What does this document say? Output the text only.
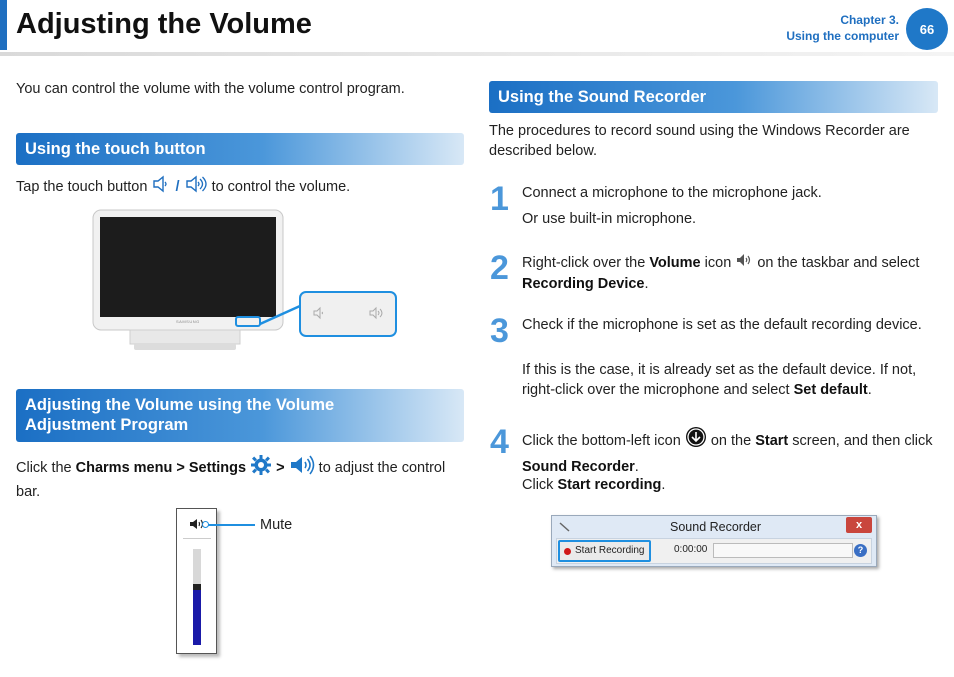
Adjusting the Volume	Chapter 3.
Using the computer	66
You can control the volume with the volume control program.
Using the touch button
Tap the touch button / to control the volume.
SAMSUNG
Adjusting the Volume using the Volume Adjustment Program
Click the Charms menu > Settings > to adjust the control
bar.
Mute
Using the Sound Recorder
The procedures to record sound using the Windows Recorder are described below.
1 Connect a microphone to the microphone jack.
Or use built-in microphone.
2 Right-click over the Volume icon on the taskbar and select Recording Device.
3 Check if the microphone is set as the default recording device.
If this is the case, it is already set as the default device. If not, right-click over the microphone and select Set default.
4 Click the bottom-left icon on the Start screen, and then click Sound Recorder.
Click Start recording.
Sound Recorder	x
Start Recording	0:00:00	?
